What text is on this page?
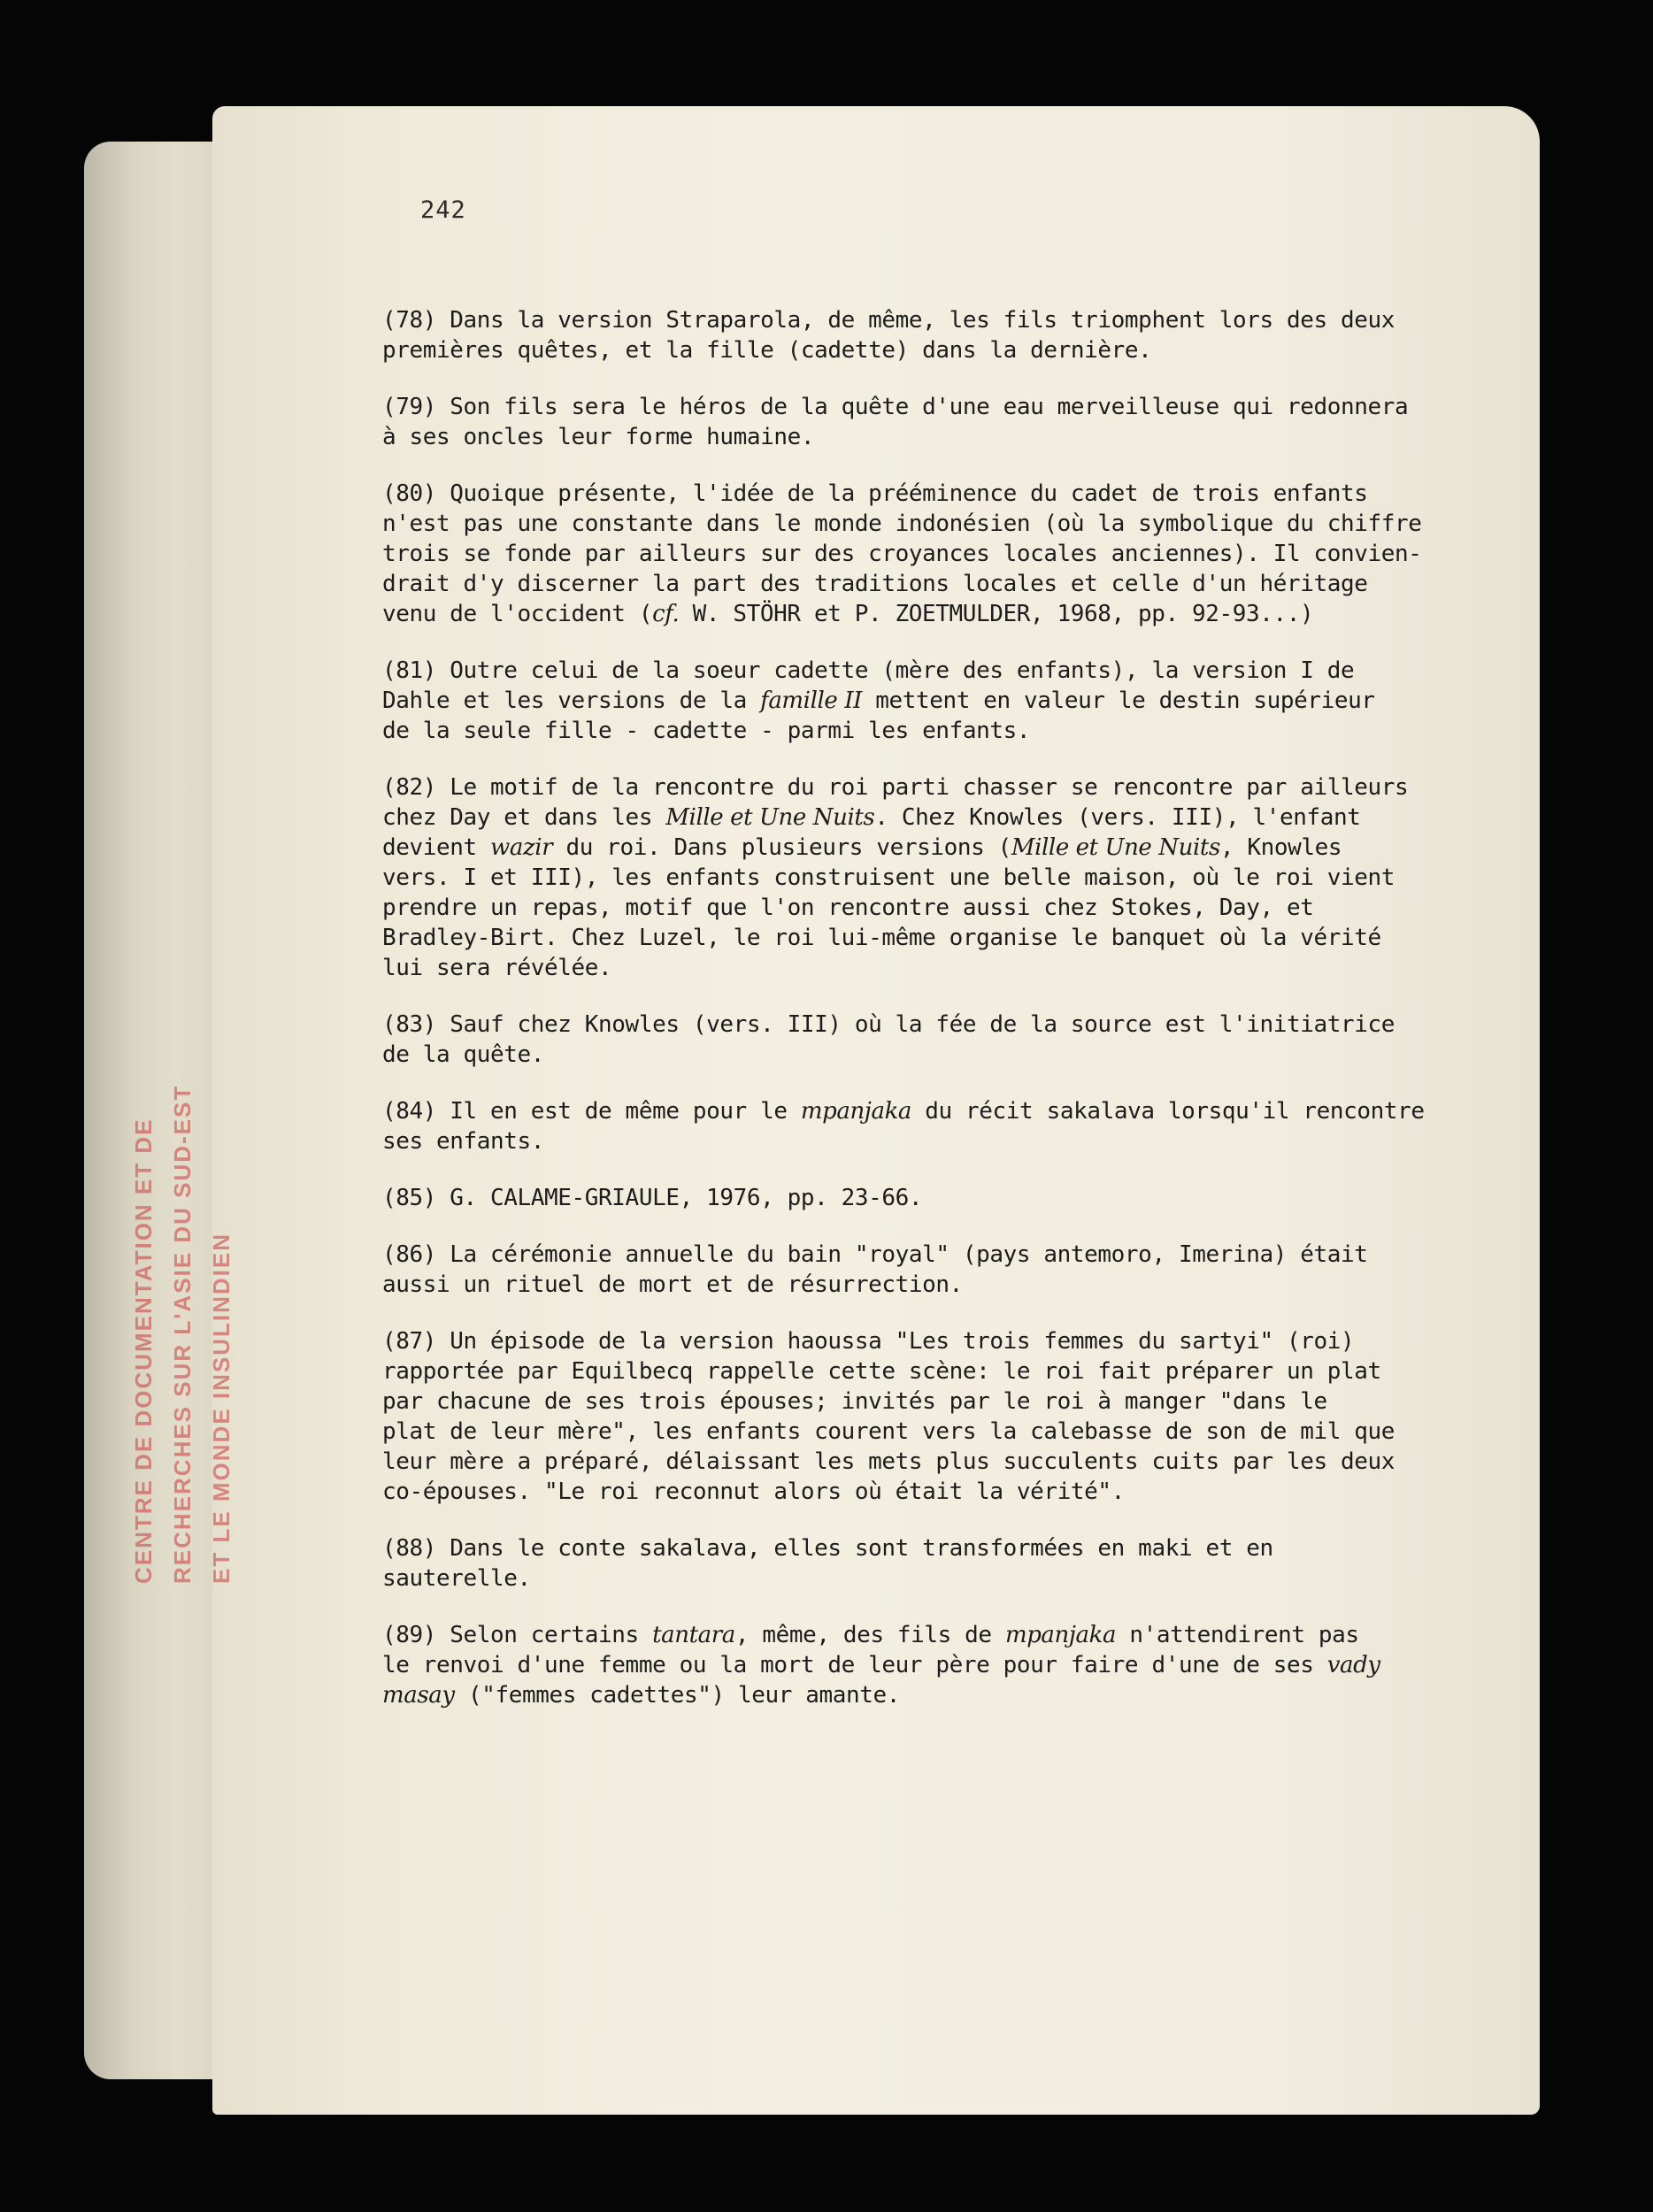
CENTRE DE DOCUMENTATION ET DE RECHERCHES SUR L'ASIE DU SUD-EST ET LE MONDE INSULINDIEN
242
(78) Dans la version Straparola, de même, les fils triomphent lors des deux
premières quêtes, et la fille (cadette) dans la dernière.
(79) Son fils sera le héros de la quête d'une eau merveilleuse qui redonnera
à ses oncles leur forme humaine.
(80) Quoique présente, l'idée de la prééminence du cadet de trois enfants
n'est pas une constante dans le monde indonésien (où la symbolique du chiffre
trois se fonde par ailleurs sur des croyances locales anciennes). Il convien-
drait d'y discerner la part des traditions locales et celle d'un héritage
venu de l'occident (cf. W. STÖHR et P. ZOETMULDER, 1968, pp. 92-93...)
(81) Outre celui de la soeur cadette (mère des enfants), la version I de
Dahle et les versions de la famille II mettent en valeur le destin supérieur
de la seule fille - cadette - parmi les enfants.
(82) Le motif de la rencontre du roi parti chasser se rencontre par ailleurs
chez Day et dans les Mille et Une Nuits. Chez Knowles (vers. III), l'enfant
devient wazir du roi. Dans plusieurs versions (Mille et Une Nuits, Knowles
vers. I et III), les enfants construisent une belle maison, où le roi vient
prendre un repas, motif que l'on rencontre aussi chez Stokes, Day, et
Bradley-Birt. Chez Luzel, le roi lui-même organise le banquet où la vérité
lui sera révélée.
(83) Sauf chez Knowles (vers. III) où la fée de la source est l'initiatrice
de la quête.
(84) Il en est de même pour le mpanjaka du récit sakalava lorsqu'il rencontre
ses enfants.
(85) G. CALAME-GRIAULE, 1976, pp. 23-66.
(86) La cérémonie annuelle du bain "royal" (pays antemoro, Imerina) était
aussi un rituel de mort et de résurrection.
(87) Un épisode de la version haoussa "Les trois femmes du sartyi" (roi)
rapportée par Equilbecq rappelle cette scène: le roi fait préparer un plat
par chacune de ses trois épouses; invités par le roi à manger "dans le
plat de leur mère", les enfants courent vers la calebasse de son de mil que
leur mère a préparé, délaissant les mets plus succulents cuits par les deux
co-épouses. "Le roi reconnut alors où était la vérité".
(88) Dans le conte sakalava, elles sont transformées en maki et en
sauterelle.
(89) Selon certains tantara, même, des fils de mpanjaka n'attendirent pas
le renvoi d'une femme ou la mort de leur père pour faire d'une de ses vady
masay ("femmes cadettes") leur amante.
